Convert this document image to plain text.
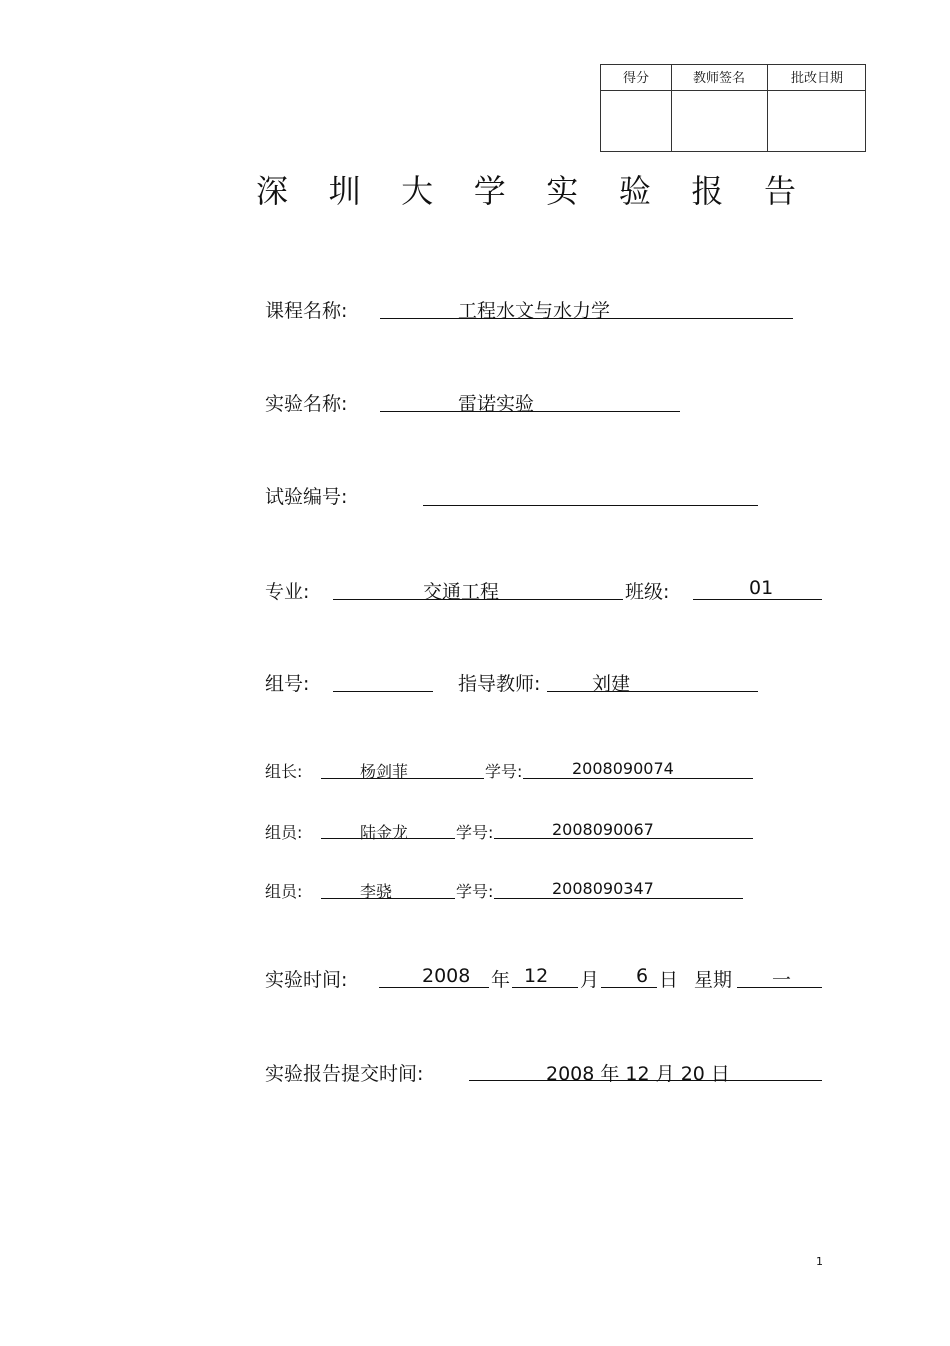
得分	教师签名	批改日期
深 圳 大 学 实 验 报 告
课程名称:	工程水文与水力学
实验名称:	雷诺实验
试验编号:
专业:	交通工程	班级:	01
组号:	指导教师:	刘建
组长:	杨剑菲	学号:	2008090074
组员:	陆金龙	学号:	2008090067
组员:	李骁	学号:	2008090347
实验时间:	2008 年 12 月 6 日 星期 一
实验报告提交时间:	2008 年 12 月 20 日
1
